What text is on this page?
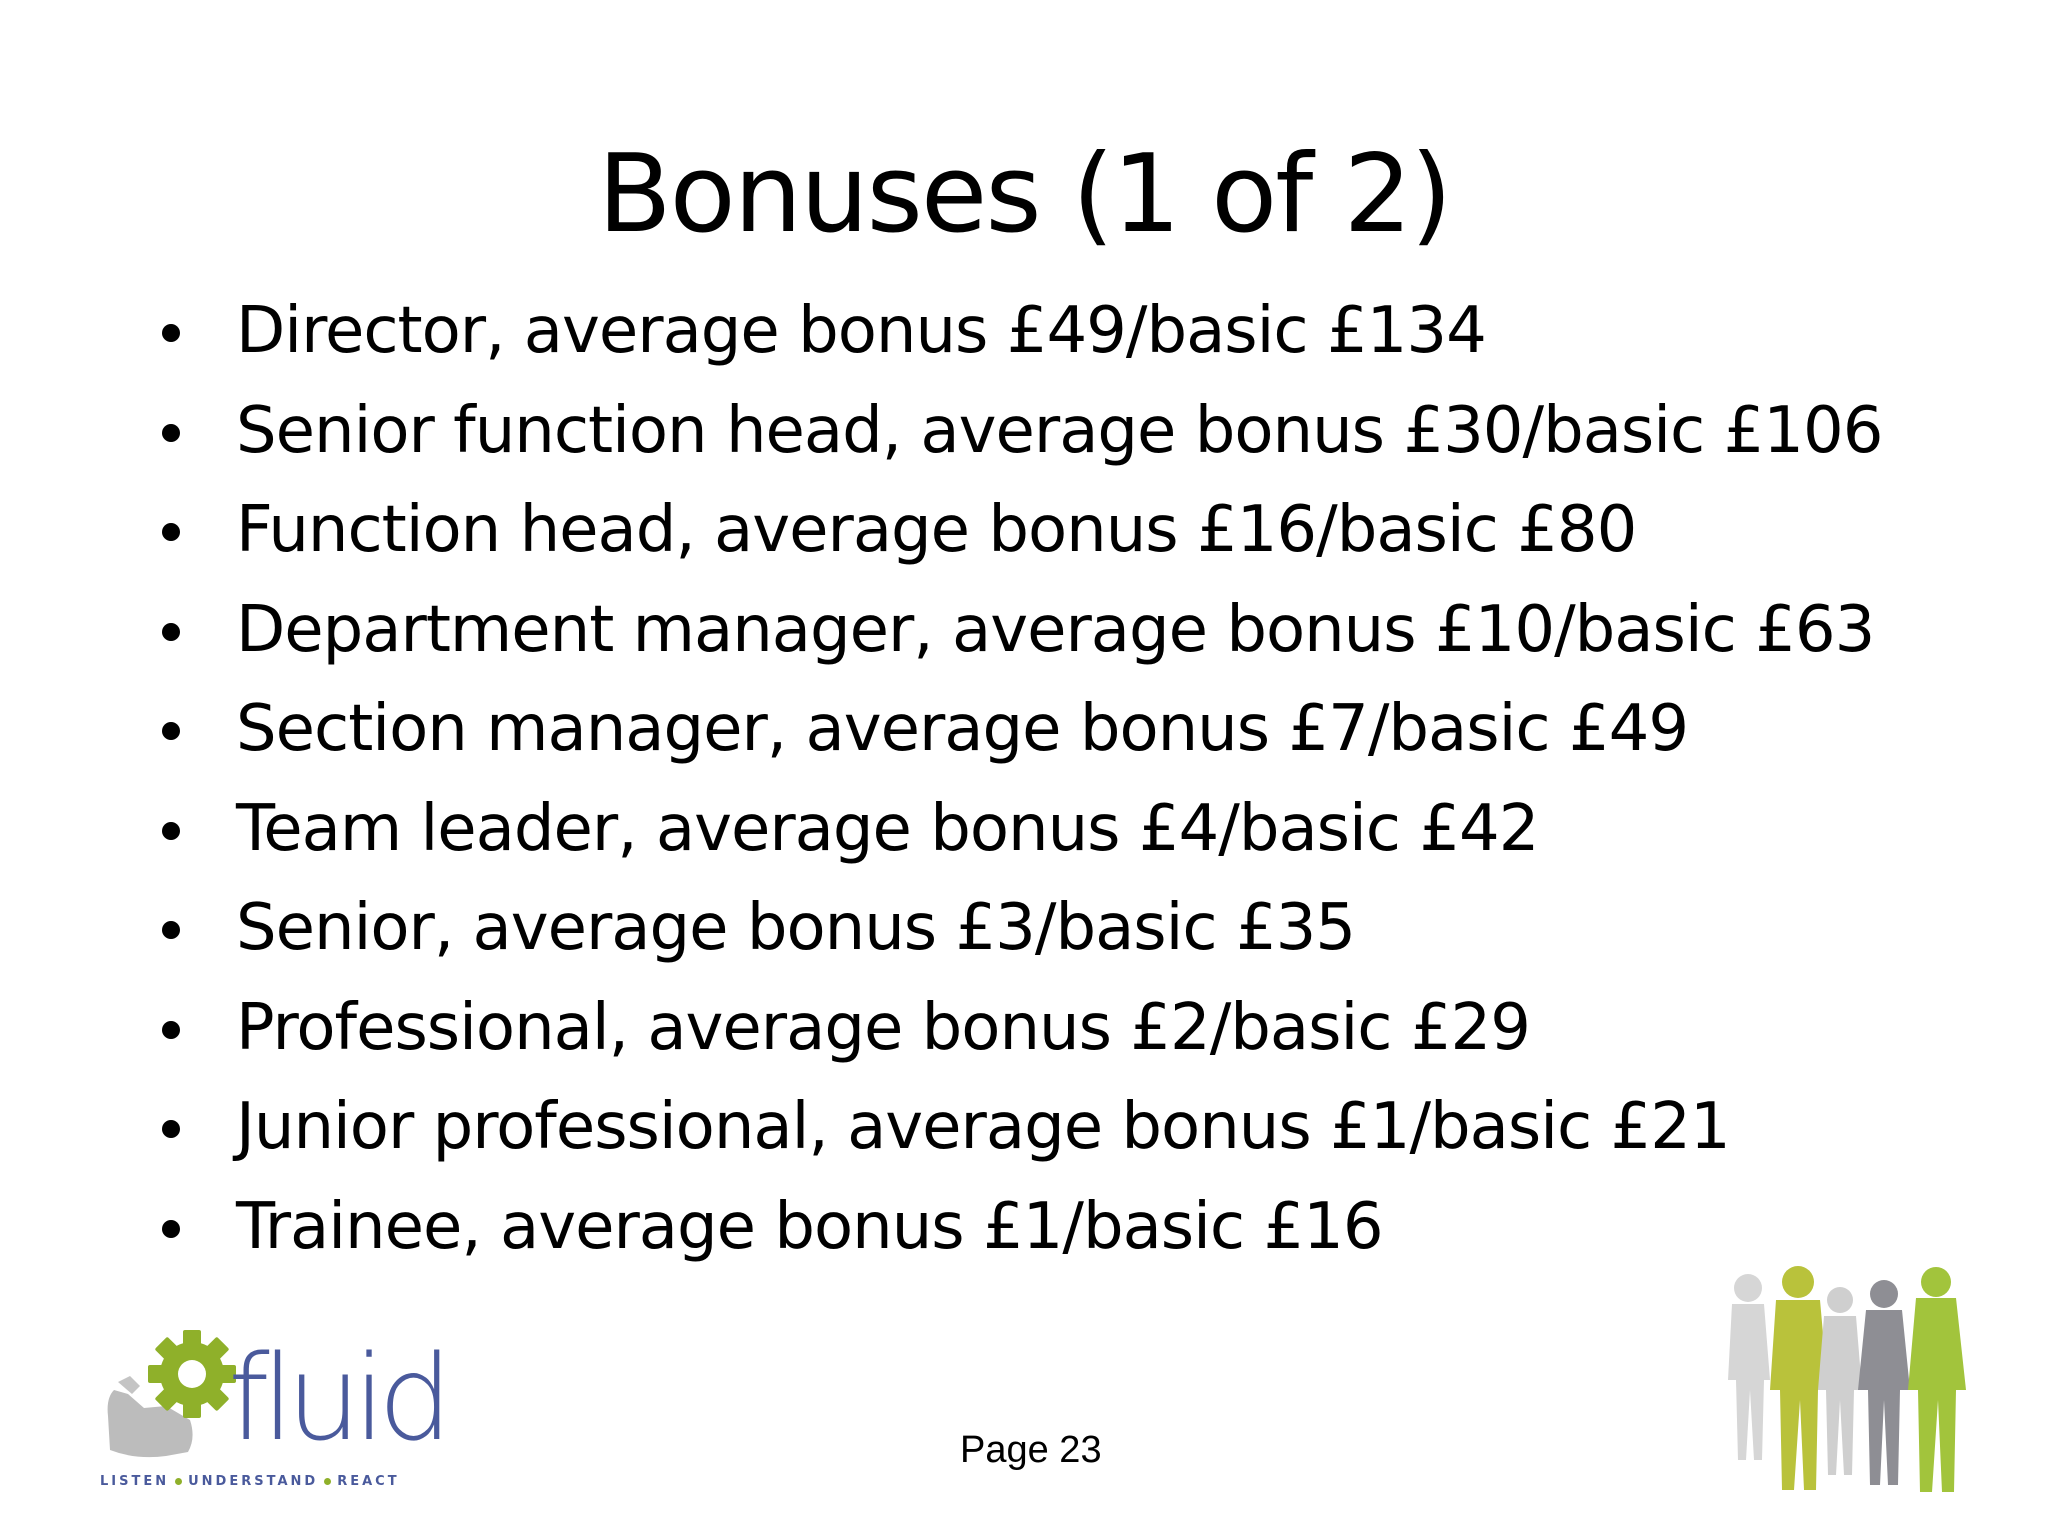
Bonuses (1 of 2)
Director, average bonus £49/basic £134
Senior function head, average bonus £30/basic £106
Function head, average bonus £16/basic £80
Department manager, average bonus £10/basic £63
Section manager, average bonus £7/basic £49
Team leader, average bonus £4/basic £42
Senior, average bonus £3/basic £35
Professional, average bonus £2/basic £29
Junior professional, average bonus £1/basic £21
Trainee, average bonus £1/basic £16
fluid
LISTEN UNDERSTAND REACT
Page 23
